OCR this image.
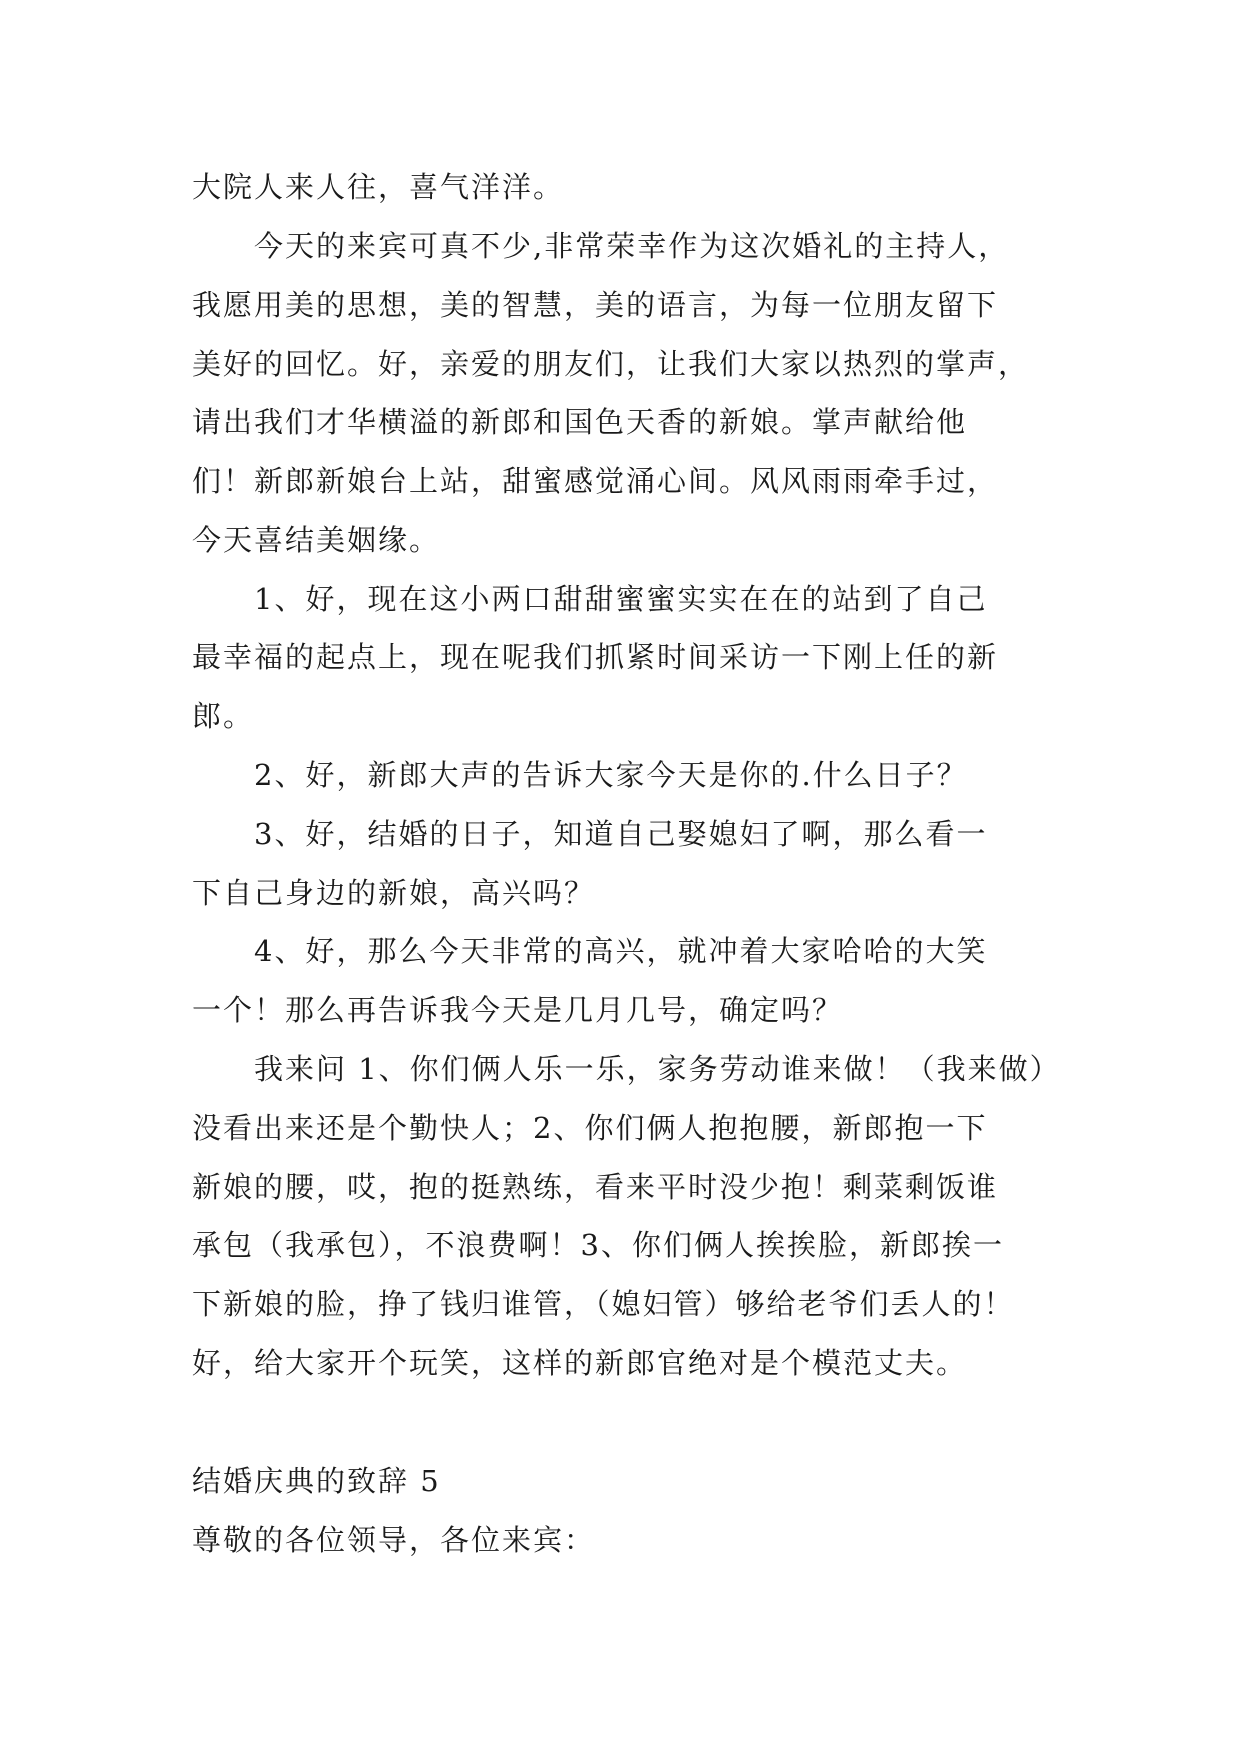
大院人来人往，喜气洋洋。
今天的来宾可真不少,非常荣幸作为这次婚礼的主持人，
我愿用美的思想，美的智慧，美的语言，为每一位朋友留下
美好的回忆。好，亲爱的朋友们，让我们大家以热烈的掌声，
请出我们才华横溢的新郎和国色天香的新娘。掌声献给他
们！新郎新娘台上站，甜蜜感觉涌心间。风风雨雨牵手过，
今天喜结美姻缘。
1、好，现在这小两口甜甜蜜蜜实实在在的站到了自己
最幸福的起点上，现在呢我们抓紧时间采访一下刚上任的新
郎。
2、好，新郎大声的告诉大家今天是你的.什么日子？
3、好，结婚的日子，知道自己娶媳妇了啊，那么看一
下自己身边的新娘，高兴吗？
4、好，那么今天非常的高兴，就冲着大家哈哈的大笑
一个！那么再告诉我今天是几月几号，确定吗？
我来问 1、你们俩人乐一乐，家务劳动谁来做！（我来做）
没看出来还是个勤快人；2、你们俩人抱抱腰，新郎抱一下
新娘的腰，哎，抱的挺熟练，看来平时没少抱！剩菜剩饭谁
承包（我承包），不浪费啊！3、你们俩人挨挨脸，新郎挨一
下新娘的脸，挣了钱归谁管，（媳妇管）够给老爷们丢人的！
好，给大家开个玩笑，这样的新郎官绝对是个模范丈夫。
结婚庆典的致辞 5
尊敬的各位领导，各位来宾：
